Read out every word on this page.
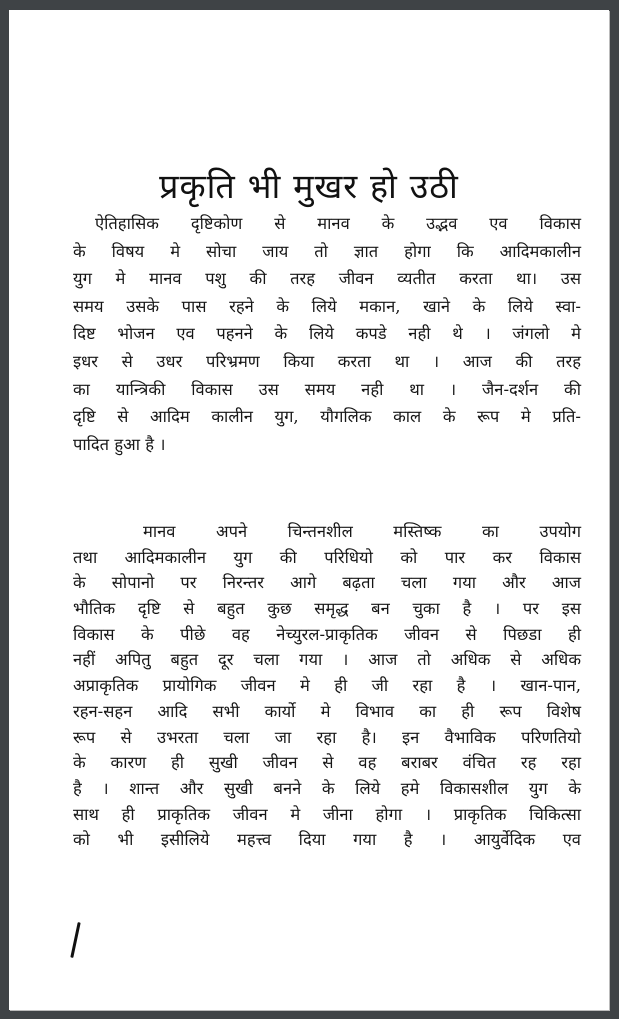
प्रकृति भी मुखर हो उठी
ऐतिहासिक दृष्टिकोण से मानव के उद्भव एव विकास
के विषय मे सोचा जाय तो ज्ञात होगा कि आदिमकालीन
युग मे मानव पशु की तरह जीवन व्यतीत करता था। उस
समय उसके पास रहने के लिये मकान, खाने के लिये स्वा-
दिष्ट भोजन एव पहनने के लिये कपडे नही थे । जंगलो मे
इधर से उधर परिभ्रमण किया करता था । आज की तरह
का यान्त्रिकी विकास उस समय नही था । जैन-दर्शन की
दृष्टि से आदिम कालीन युग, यौगलिक काल के रूप मे प्रति-
पादित हुआ है ।
मानव अपने चिन्तनशील मस्तिष्क का उपयोग
तथा आदिमकालीन युग की परिधियो को पार कर विकास
के सोपानो पर निरन्तर आगे बढ़ता चला गया और आज
भौतिक दृष्टि से बहुत कुछ समृद्ध बन चुका है । पर इस
विकास के पीछे वह नेच्युरल-प्राकृतिक जीवन से पिछडा ही
नहीं अपितु बहुत दूर चला गया । आज तो अधिक से अधिक
अप्राकृतिक प्रायोगिक जीवन मे ही जी रहा है । खान-पान,
रहन-सहन आदि सभी कार्यो मे विभाव का ही रूप विशेष
रूप से उभरता चला जा रहा है। इन वैभाविक परिणतियो
के कारण ही सुखी जीवन से वह बराबर वंचित रह रहा
है । शान्त और सुखी बनने के लिये हमे विकासशील युग के
साथ ही प्राकृतिक जीवन मे जीना होगा । प्राकृतिक चिकित्सा
को भी इसीलिये महत्त्व दिया गया है । आयुर्वेदिक एव
